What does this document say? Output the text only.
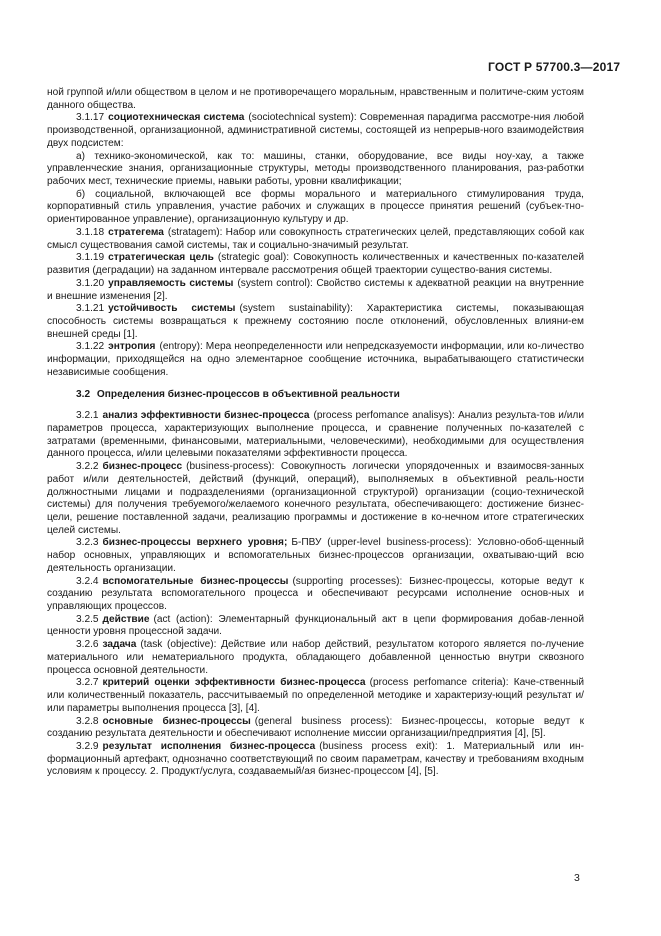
ГОСТ Р 57700.3—2017

ной группой и/или обществом в целом и не противоречащего моральным, нравственным и политиче-ским устоям данного общества.

3.1.17 социотехническая система (sociotechnical system): Современная парадигма рассмотре-ния любой производственной, организационной, административной системы, состоящей из непрерыв-ного взаимодействия двух подсистем:

а) технико-экономической, как то: машины, станки, оборудование, все виды ноу-хау, а также управленческие знания, организационные структуры, методы производственного планирования, раз-работки рабочих мест, технические приемы, навыки работы, уровни квалификации;

б) социальной, включающей все формы морального и материального стимулирования труда, корпоративный стиль управления, участие рабочих и служащих в процессе принятия решений (субъек-тно-ориентированное управление), организационную культуру и др.

3.1.18 стратегема (stratagem): Набор или совокупность стратегических целей, представляющих собой как смысл существования самой системы, так и социально-значимый результат.

3.1.19 стратегическая цель (strategic goal): Совокупность количественных и качественных по-казателей развития (деградации) на заданном интервале рассмотрения общей траектории существо-вания системы.

3.1.20 управляемость системы (system control): Свойство системы к адекватной реакции на внутренние и внешние изменения [2].

3.1.21 устойчивость системы (system sustainability): Характеристика системы, показывающая способность системы возвращаться к прежнему состоянию после отклонений, обусловленных влияни-ем внешней среды [1].

3.1.22 энтропия (entropy): Мера неопределенности или непредсказуемости информации, или ко-личество информации, приходящейся на одно элементарное сообщение источника, вырабатывающего статистически независимые сообщения.

3.2 Определения бизнес-процессов в объективной реальности

3.2.1 анализ эффективности бизнес-процесса (process perfomance analisys): Анализ результа-тов и/или параметров процесса, характеризующих выполнение процесса, и сравнение полученных по-казателей с затратами (временными, финансовыми, материальными, человеческими), необходимыми для осуществления данного процесса, и/или целевыми показателями эффективности процесса.

3.2.2 бизнес-процесс (business-process): Совокупность логически упорядоченных и взаимосвя-занных работ и/или деятельностей, действий (функций, операций), выполняемых в объективной реаль-ности должностными лицами и подразделениями (организационной структурой) организации (социо-технической системы) для получения требуемого/желаемого конечного результата, обеспечивающего: достижение бизнес-цели, решение поставленной задачи, реализацию программы и достижение в ко-нечном итоге стратегических целей системы.

3.2.3 бизнес-процессы верхнего уровня; Б-ПВУ (upper-level business-process): Условно-обоб-щенный набор основных, управляющих и вспомогательных бизнес-процессов организации, охватываю-щий всю деятельность организации.

3.2.4 вспомогательные бизнес-процессы (supporting processes): Бизнес-процессы, которые ведут к созданию результата вспомогательного процесса и обеспечивают ресурсами исполнение основ-ных и управляющих процессов.

3.2.5 действие (act (action): Элементарный функциональный акт в цепи формирования добав-ленной ценности уровня процессной задачи.

3.2.6 задача (task (objective): Действие или набор действий, результатом которого является по-лучение материального или нематериального продукта, обладающего добавленной ценностью внутри сквозного процесса основной деятельности.

3.2.7 критерий оценки эффективности бизнес-процесса (process perfomance criteria): Каче-ственный или количественный показатель, рассчитываемый по определенной методике и характеризу-ющий результат и/или параметры выполнения процесса [3], [4].

3.2.8 основные бизнес-процессы (general business process): Бизнес-процессы, которые ведут к созданию результата деятельности и обеспечивают исполнение миссии организации/предприятия [4], [5].

3.2.9 результат исполнения бизнес-процесса (business process exit): 1. Материальный или ин-формационный артефакт, однозначно соответствующий по своим параметрам, качеству и требованиям входным условиям к процессу. 2. Продукт/услуга, создаваемый/ая бизнес-процессом [4], [5].

3
